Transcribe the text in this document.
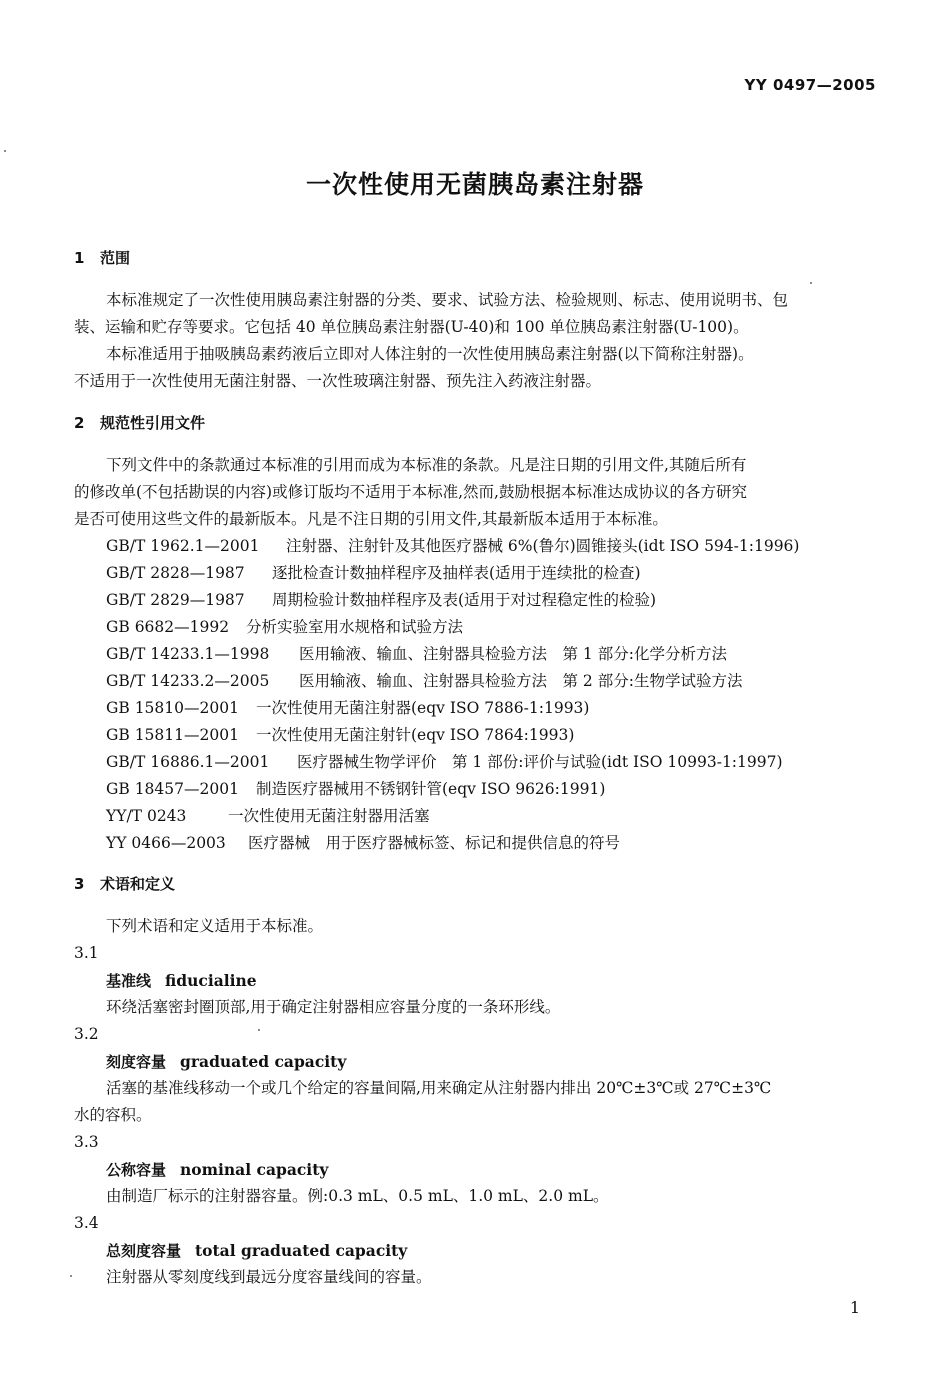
YY 0497—2005
一次性使用无菌胰岛素注射器
1 范围
本标准规定了一次性使用胰岛素注射器的分类、要求、试验方法、检验规则、标志、使用说明书、包
装、运输和贮存等要求。它包括 40 单位胰岛素注射器(U-40)和 100 单位胰岛素注射器(U-100)。
本标准适用于抽吸胰岛素药液后立即对人体注射的一次性使用胰岛素注射器(以下简称注射器)。
不适用于一次性使用无菌注射器、一次性玻璃注射器、预先注入药液注射器。
2 规范性引用文件
下列文件中的条款通过本标准的引用而成为本标准的条款。凡是注日期的引用文件,其随后所有
的修改单(不包括勘误的内容)或修订版均不适用于本标准,然而,鼓励根据本标准达成协议的各方研究
是否可使用这些文件的最新版本。凡是不注日期的引用文件,其最新版本适用于本标准。
GB/T 1962.1—2001 注射器、注射针及其他医疗器械 6%(鲁尔)圆锥接头(idt ISO 594-1:1996)
GB/T 2828—1987 逐批检查计数抽样程序及抽样表(适用于连续批的检查)
GB/T 2829—1987 周期检验计数抽样程序及表(适用于对过程稳定性的检验)
GB 6682—1992 分析实验室用水规格和试验方法
GB/T 14233.1—1998 医用输液、输血、注射器具检验方法　第 1 部分:化学分析方法
GB/T 14233.2—2005 医用输液、输血、注射器具检验方法　第 2 部分:生物学试验方法
GB 15810—2001 一次性使用无菌注射器(eqv ISO 7886-1:1993)
GB 15811—2001 一次性使用无菌注射针(eqv ISO 7864:1993)
GB/T 16886.1—2001 医疗器械生物学评价　第 1 部份:评价与试验(idt ISO 10993-1:1997)
GB 18457—2001 制造医疗器械用不锈钢针管(eqv ISO 9626:1991)
YY/T 0243	一次性使用无菌注射器用活塞
YY 0466—2003 医疗器械　用于医疗器械标签、标记和提供信息的符号
3 术语和定义
下列术语和定义适用于本标准。
3.1
基准线 fiducialine
环绕活塞密封圈顶部,用于确定注射器相应容量分度的一条环形线。
3.2
刻度容量 graduated capacity
活塞的基准线移动一个或几个给定的容量间隔,用来确定从注射器内排出 20℃±3℃或 27℃±3℃
水的容积。
3.3
公称容量 nominal capacity
由制造厂标示的注射器容量。例:0.3 mL、0.5 mL、1.0 mL、2.0 mL。
3.4
总刻度容量 total graduated capacity
注射器从零刻度线到最远分度容量线间的容量。
1
